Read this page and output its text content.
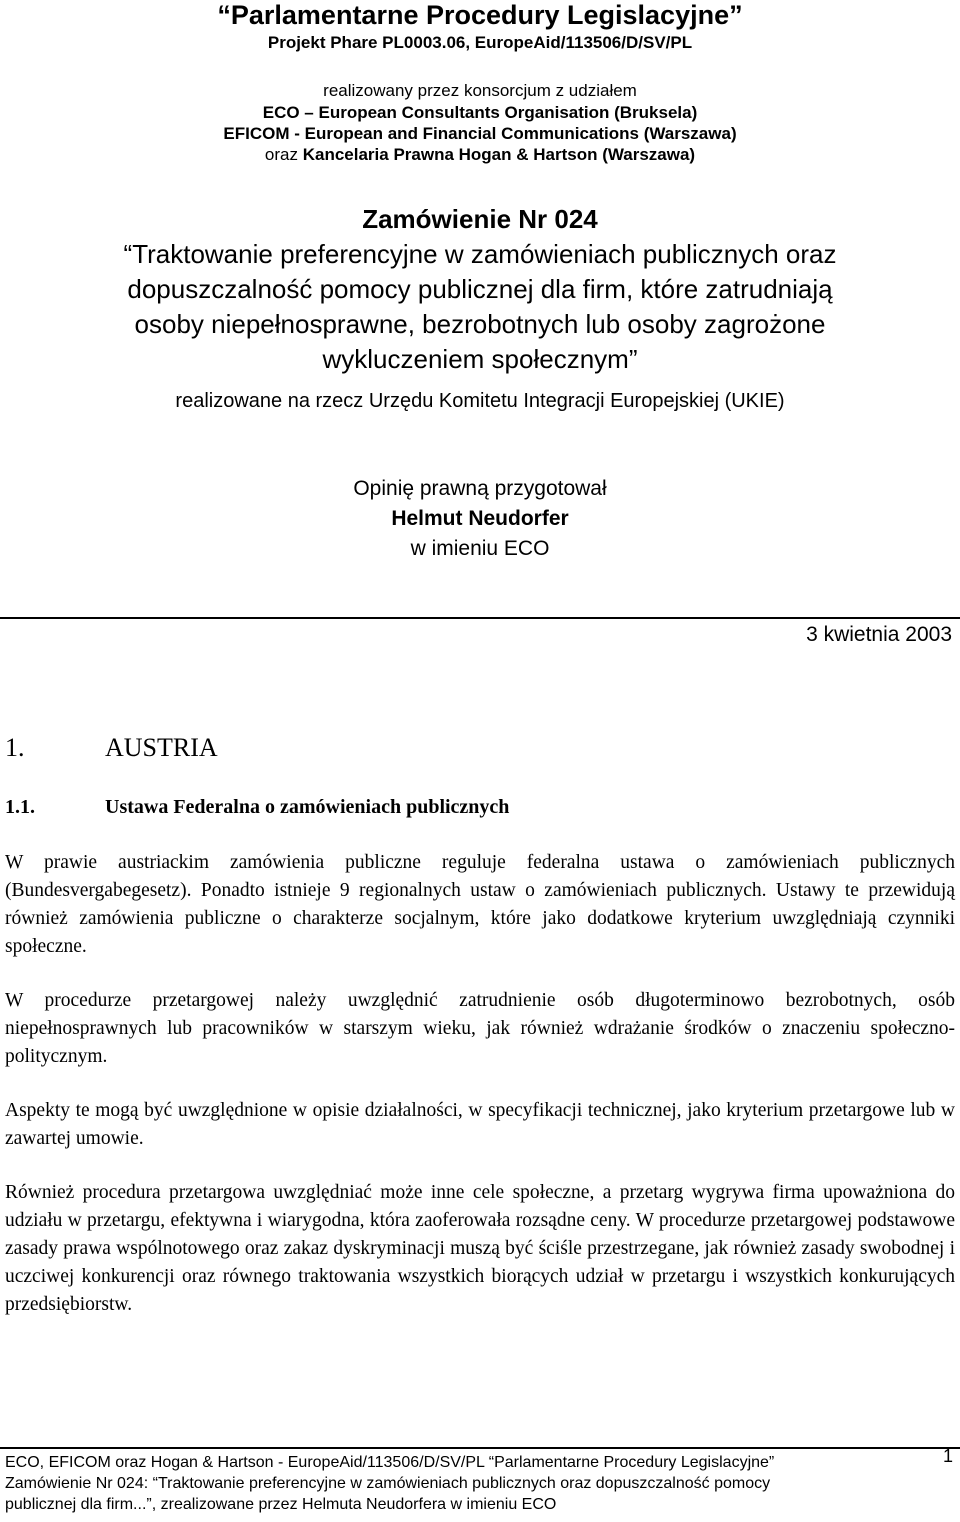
“Parlamentarne Procedury Legislacyjne”
Projekt Phare PL0003.06, EuropeAid/113506/D/SV/PL
realizowany przez konsorcjum z udziałem
ECO – European Consultants Organisation (Bruksela)
EFICOM - European and Financial Communications (Warszawa)
oraz Kancelaria Prawna Hogan & Hartson (Warszawa)
Zamówienie Nr 024
“Traktowanie preferencyjne w zamówieniach publicznych oraz dopuszczalność pomocy publicznej dla firm, które zatrudniają osoby niepełnosprawne, bezrobotnych lub osoby zagrożone wykluczeniem społecznym”
realizowane na rzecz Urzędu Komitetu Integracji Europejskiej (UKIE)
Opinię prawną przygotował
Helmut Neudorfer
w imieniu ECO
3 kwietnia 2003
1.	AUSTRIA
1.1.	Ustawa Federalna o zamówieniach publicznych

W prawie austriackim zamówienia publiczne reguluje federalna ustawa o zamówieniach publicznych (Bundesvergabegesetz). Ponadto istnieje 9 regionalnych ustaw o zamówieniach publicznych. Ustawy te przewidują również zamówienia publiczne o charakterze socjalnym, które jako dodatkowe kryterium uwzględniają czynniki społeczne.

W procedurze przetargowej należy uwzględnić zatrudnienie osób długoterminowo bezrobotnych, osób niepełnosprawnych lub pracowników w starszym wieku, jak również wdrażanie środków o znaczeniu społeczno-politycznym.

Aspekty te mogą być uwzględnione w opisie działalności, w specyfikacji technicznej, jako kryterium przetargowe lub w zawartej umowie.

Również procedura przetargowa uwzględniać może inne cele społeczne, a przetarg wygrywa firma upoważniona do udziału w przetargu, efektywna i wiarygodna, która zaoferowała rozsądne ceny. W procedurze przetargowej podstawowe zasady prawa wspólnotowego oraz zakaz dyskryminacji muszą być ściśle przestrzegane, jak również zasady swobodnej i uczciwej konkurencji oraz równego traktowania wszystkich biorących udział w przetargu i wszystkich konkurujących przedsiębiorstw.

ECO, EFICOM oraz Hogan & Hartson - EuropeAid/113506/D/SV/PL “Parlamentarne Procedury Legislacyjne”	1
Zamówienie Nr 024: “Traktowanie preferencyjne w zamówieniach publicznych oraz dopuszczalność pomocy
publicznej dla firm...”, zrealizowane przez Helmuta Neudorfera w imieniu ECO
